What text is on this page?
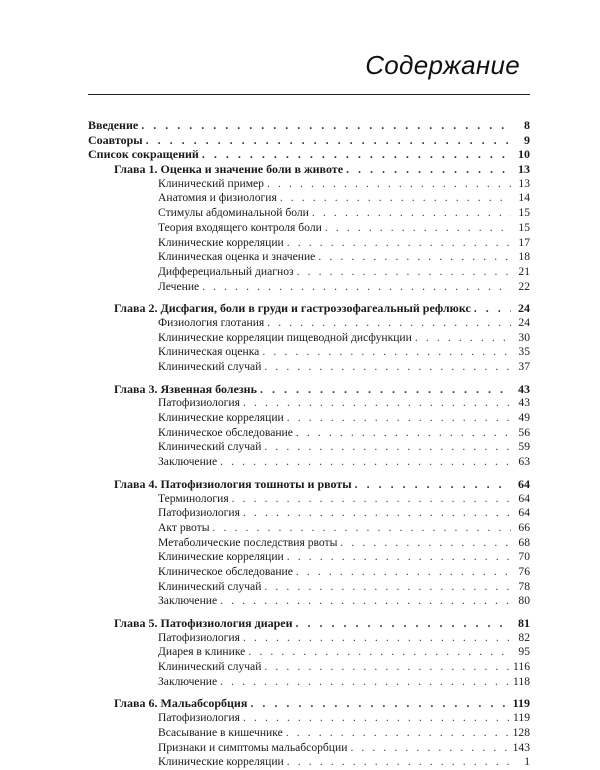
Содержание
Введение . . .	8
Соавторы . . .	9
Список сокращений . . .	10
Глава 1. Оценка и значение боли в животе . . .	13
Клинический пример . . .	13
Анатомия и физиология . . .	14
Стимулы абдоминальной боли . . .	15
Теория входящего контроля боли . . .	15
Клинические корреляции . . .	17
Клиническая оценка и значение . . .	18
Дифферециальный диагноз . . .	21
Лечение . . .	22
Глава 2. Дисфагия, боли в груди и гастроэзофагеальный рефлюкс . . .	24
Физиология глотания . . .	24
Клинические корреляции пищеводной дисфункции . . .	30
Клиническая оценка . . .	35
Клинический случай . . .	37
Глава 3. Язвенная болезнь . . .	43
Патофизиология . . .	43
Клинические корреляции . . .	49
Клиническое обследование . . .	56
Клинический случай . . .	59
Заключение . . .	63
Глава 4. Патофизиология тошноты и рвоты . . .	64
Терминология . . .	64
Патофизиология . . .	64
Акт рвоты . . .	66
Метаболические последствия рвоты . . .	68
Клинические корреляции . . .	70
Клиническое обследование . . .	76
Клинический случай . . .	78
Заключение . . .	80
Глава 5. Патофизиология диареи . . .	81
Патофизиология . . .	82
Диарея в клинике . . .	95
Клинический случай . . .	116
Заключение . . .	118
Глава 6. Мальабсорбция . . .	119
Патофизиология . . .	119
Всасывание в кишечнике . . .	128
Признаки и симптомы мальабсорбции . . .	143
Клинические корреляции . . .	1
